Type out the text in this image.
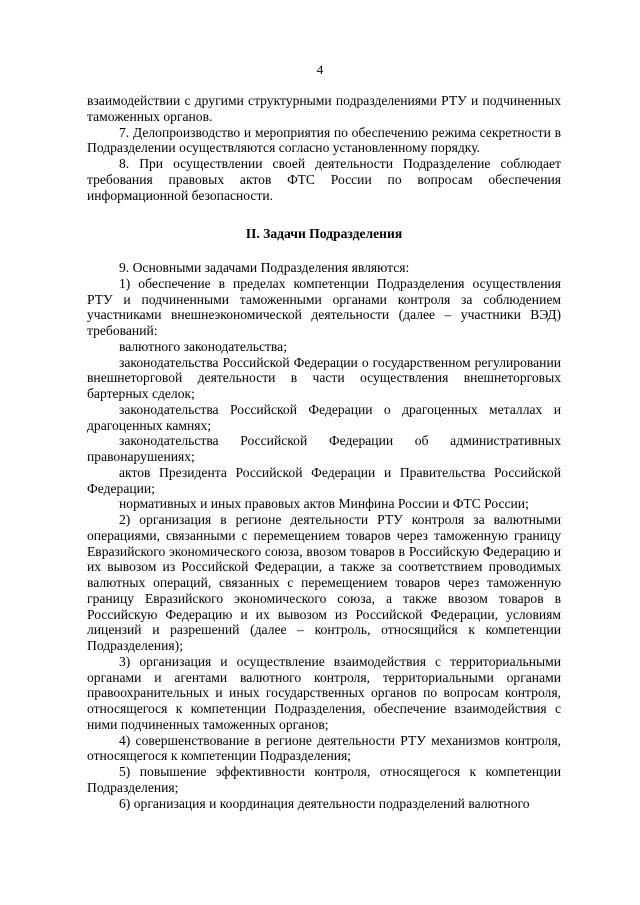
4

взаимодействии с другими структурными подразделениями РТУ и подчиненных таможенных органов.

7. Делопроизводство и мероприятия по обеспечению режима секретности в Подразделении осуществляются согласно установленному порядку.

8. При осуществлении своей деятельности Подразделение соблюдает требования правовых актов ФТС России по вопросам обеспечения информационной безопасности.

II. Задачи Подразделения

9. Основными задачами Подразделения являются:

1) обеспечение в пределах компетенции Подразделения осуществления РТУ и подчиненными таможенными органами контроля за соблюдением участниками внешнеэкономической деятельности (далее – участники ВЭД) требований:

валютного законодательства;

законодательства Российской Федерации о государственном регулировании внешнеторговой деятельности в части осуществления внешнеторговых бартерных сделок;

законодательства Российской Федерации о драгоценных металлах и драгоценных камнях;

законодательства Российской Федерации об административных правонарушениях;

актов Президента Российской Федерации и Правительства Российской Федерации;

нормативных и иных правовых актов Минфина России и ФТС России;

2) организация в регионе деятельности РТУ контроля за валютными операциями, связанными с перемещением товаров через таможенную границу Евразийского экономического союза, ввозом товаров в Российскую Федерацию и их вывозом из Российской Федерации, а также за соответствием проводимых валютных операций, связанных с перемещением товаров через таможенную границу Евразийского экономического союза, а также ввозом товаров в Российскую Федерацию и их вывозом из Российской Федерации, условиям лицензий и разрешений (далее – контроль, относящийся к компетенции Подразделения);

3) организация и осуществление взаимодействия с территориальными органами и агентами валютного контроля, территориальными органами правоохранительных и иных государственных органов по вопросам контроля, относящегося к компетенции Подразделения, обеспечение взаимодействия с ними подчиненных таможенных органов;

4) совершенствование в регионе деятельности РТУ механизмов контроля, относящегося к компетенции Подразделения;

5) повышение эффективности контроля, относящегося к компетенции Подразделения;

6) организация и координация деятельности подразделений валютного
